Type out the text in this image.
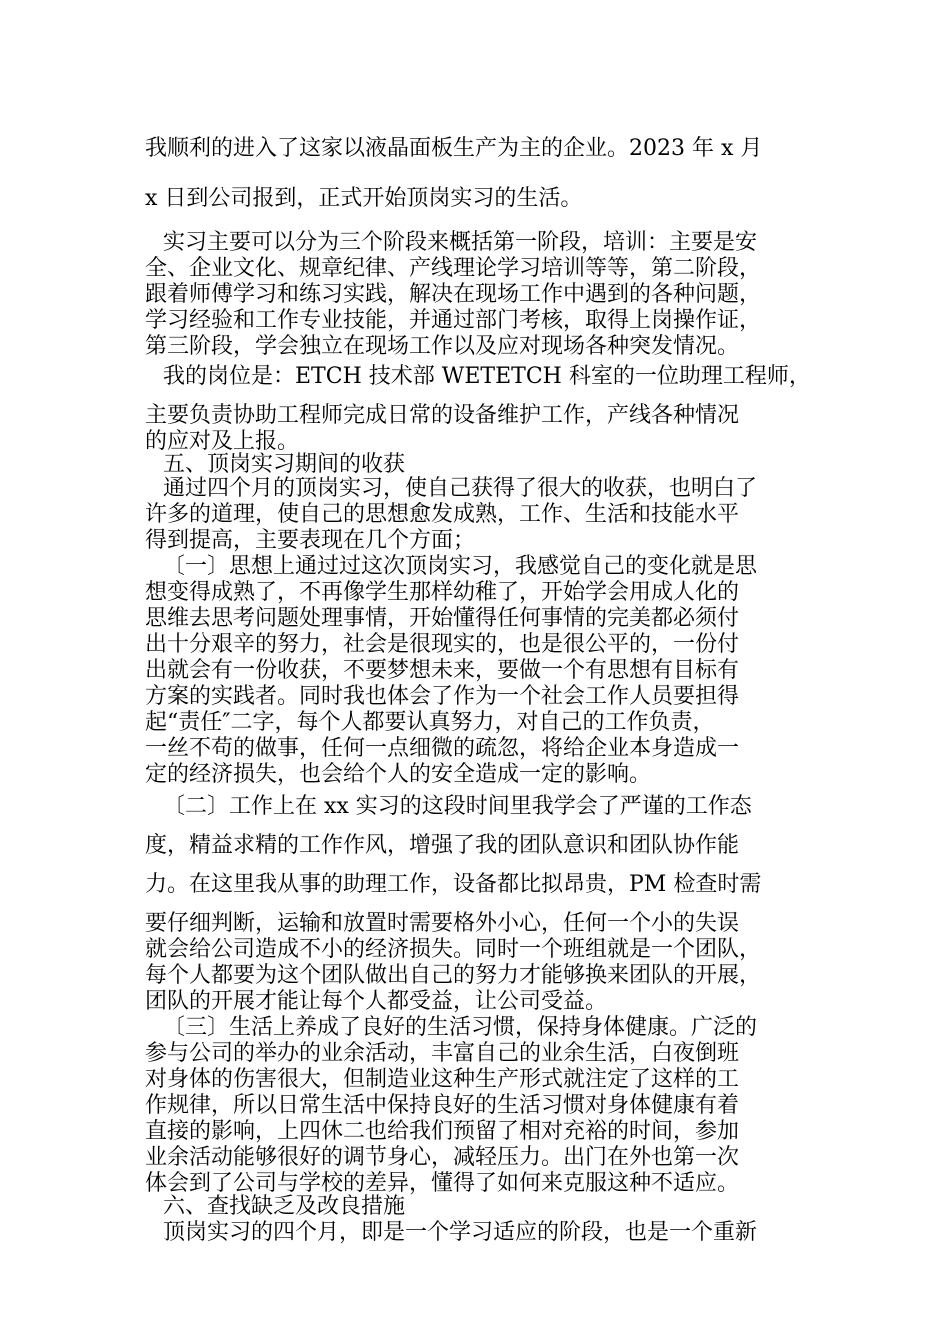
我顺利的进入了这家以液晶面板生产为主的企业。2023 年 x 月
x 日到公司报到，正式开始顶岗实习的生活。
实习主要可以分为三个阶段来概括第一阶段，培训：主要是安
全、企业文化、规章纪律、产线理论学习培训等等，第二阶段，
跟着师傅学习和练习实践，解决在现场工作中遇到的各种问题，
学习经验和工作专业技能，并通过部门考核，取得上岗操作证，
第三阶段，学会独立在现场工作以及应对现场各种突发情况。
我的岗位是：ETCH 技术部 WETETCH 科室的一位助理工程师，
主要负责协助工程师完成日常的设备维护工作，产线各种情况
的应对及上报。
五、顶岗实习期间的收获
通过四个月的顶岗实习，使自己获得了很大的收获，也明白了
许多的道理，使自己的思想愈发成熟，工作、生活和技能水平
得到提高，主要表现在几个方面；
〔一〕思想上通过过这次顶岗实习，我感觉自己的变化就是思
想变得成熟了，不再像学生那样幼稚了，开始学会用成人化的
思维去思考问题处理事情，开始懂得任何事情的完美都必须付
出十分艰辛的努力，社会是很现实的，也是很公平的，一份付
出就会有一份收获，不要梦想未来，要做一个有思想有目标有
方案的实践者。同时我也体会了作为一个社会工作人员要担得
起“责任″二字，每个人都要认真努力，对自己的工作负责，
一丝不苟的做事，任何一点细微的疏忽，将给企业本身造成一
定的经济损失，也会给个人的安全造成一定的影响。
〔二〕工作上在 xx 实习的这段时间里我学会了严谨的工作态
度，精益求精的工作作风，增强了我的团队意识和团队协作能
力。在这里我从事的助理工作，设备都比拟昂贵，PM 检查时需
要仔细判断，运输和放置时需要格外小心，任何一个小的失误
就会给公司造成不小的经济损失。同时一个班组就是一个团队，
每个人都要为这个团队做出自己的努力才能够换来团队的开展，
团队的开展才能让每个人都受益，让公司受益。
〔三〕生活上养成了良好的生活习惯，保持身体健康。广泛的
参与公司的举办的业余活动，丰富自己的业余生活，白夜倒班
对身体的伤害很大，但制造业这种生产形式就注定了这样的工
作规律，所以日常生活中保持良好的生活习惯对身体健康有着
直接的影响，上四休二也给我们预留了相对充裕的时间，参加
业余活动能够很好的调节身心，减轻压力。出门在外也第一次
体会到了公司与学校的差异，懂得了如何来克服这种不适应。
六、查找缺乏及改良措施
顶岗实习的四个月，即是一个学习适应的阶段，也是一个重新
